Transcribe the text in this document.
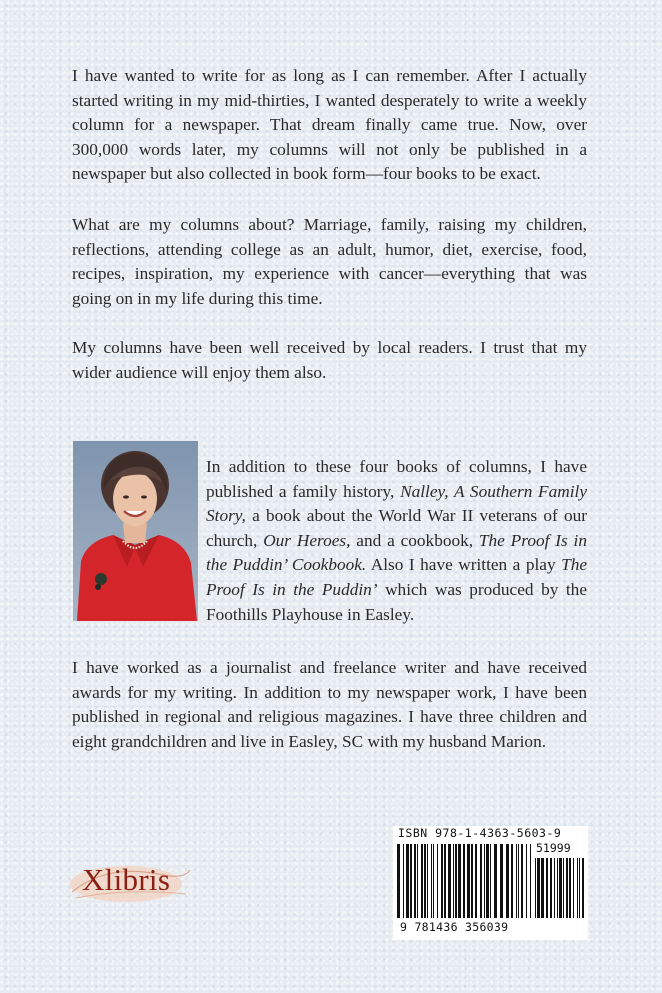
I have wanted to write for as long as I can remember. After I actually started writing in my mid-thirties, I wanted desperately to write a weekly column for a newspaper. That dream finally came true. Now, over 300,000 words later, my columns will not only be published in a newspaper but also collected in book form—four books to be exact.

What are my columns about? Marriage, family, raising my children, reflections, attending college as an adult, humor, diet, exercise, food, recipes, inspiration, my experience with cancer—everything that was going on in my life during this time.

My columns have been well received by local readers. I trust that my wider audience will enjoy them also.

In addition to these four books of columns, I have published a family history, Nalley, A Southern Family Story, a book about the World War II veterans of our church, Our Heroes, and a cookbook, The Proof Is in the Puddin’ Cookbook. Also I have written a play The Proof Is in the Puddin’ which was produced by the Foothills Playhouse in Easley.

I have worked as a journalist and freelance writer and have received awards for my writing. In addition to my newspaper work, I have been published in regional and religious magazines. I have three children and eight grandchildren and live in Easley, SC with my husband Marion.

Xlibris

ISBN 978-1-4363-5603-9

51999

9 781436 356039
